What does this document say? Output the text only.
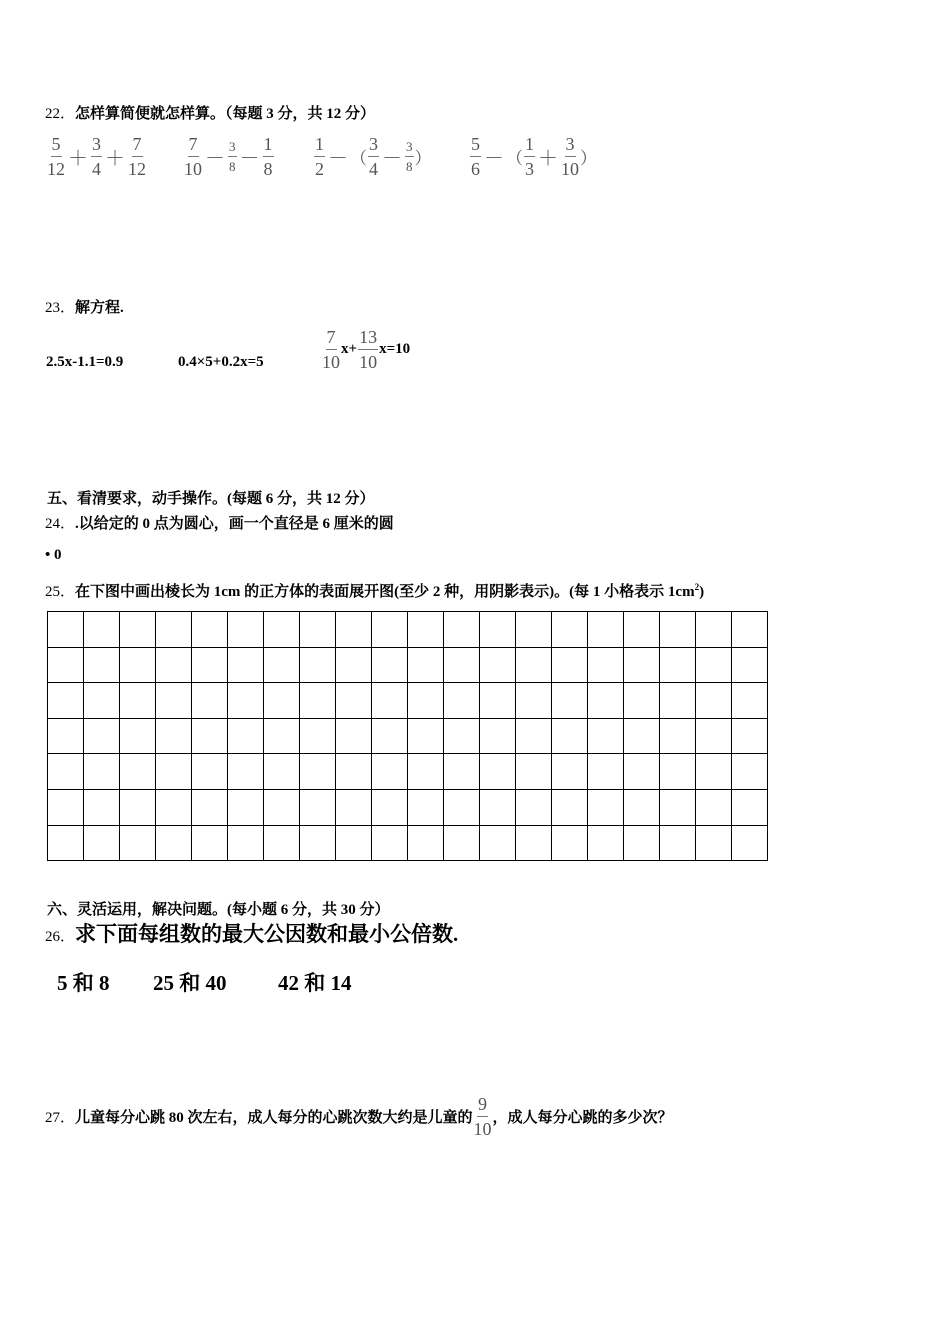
22．怎样算简便就怎样算。（每题 3 分，共 12 分）
$\frac{5}{12} + \frac{3}{4} + \frac{7}{12} \frac{7}{10} - \frac{3}{8} - \frac{1}{8} \frac{1}{2}$ － （ $\frac{3}{4} - \frac{3}{8}$ ） $\frac{5}{6}$ － （ $\frac{1}{3} + \frac{3}{10}$ ）
23．解方程.
2.5x-1.1=0.9	0.4×5+0.2x=5	$\frac{7}{10} x+ \frac{13}{10} x=10$
五、看清要求，动手操作。(每题 6 分，共 12 分）
24．.以给定的 0 点为圆心，画一个直径是 6 厘米的圆
• 0
25．在下图中画出棱长为 1cm 的正方体的表面展开图(至少 2 种，用阴影表示)。(每 1 小格表示 $1cm^2$)
六、灵活运用，解决问题。(每小题 6 分，共 30 分）
26．求下面每组数的最大公因数和最小公倍数.
5 和 8 25 和 40 42 和 14
27．儿童每分心跳 80 次左右，成人每分的心跳次数大约是儿童的 $\frac{9}{10}$ ，成人每分心跳的多少次？
